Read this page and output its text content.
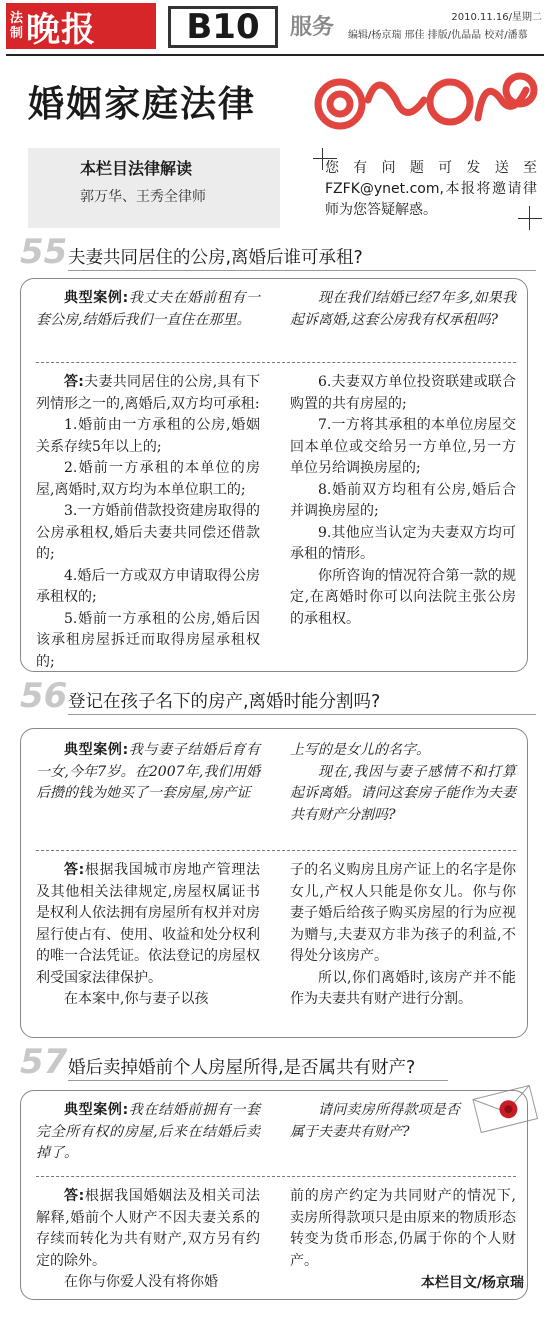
法制 晚报	B10	服务	2010.11.16/星期二
编辑/杨京瑞 邢佳 排版/仇晶晶 校对/潘慕
婚姻家庭法律
本栏目法律解读
郭万华、王秀全律师
您有问题可发送至FZFK@ynet.com,本报将邀请律师为您答疑解惑。
55 夫妻共同居住的公房,离婚后谁可承租?

典型案例:我丈夫在婚前租有一套公房,结婚后我们一直住在那里。

现在我们结婚已经7年多,如果我起诉离婚,这套公房我有权承租吗?

答:夫妻共同居住的公房,具有下列情形之一的,离婚后,双方均可承租:

1.婚前由一方承租的公房,婚姻关系存续5年以上的;

2.婚前一方承租的本单位的房屋,离婚时,双方均为本单位职工的;

3.一方婚前借款投资建房取得的公房承租权,婚后夫妻共同偿还借款的;

4.婚后一方或双方申请取得公房承租权的;

5.婚前一方承租的公房,婚后因该承租房屋拆迁而取得房屋承租权的;

6.夫妻双方单位投资联建或联合购置的共有房屋的;

7.一方将其承租的本单位房屋交回本单位或交给另一方单位,另一方单位另给调换房屋的;

8.婚前双方均租有公房,婚后合并调换房屋的;

9.其他应当认定为夫妻双方均可承租的情形。

你所咨询的情况符合第一款的规定,在离婚时你可以向法院主张公房的承租权。

56 登记在孩子名下的房产,离婚时能分割吗?

典型案例:我与妻子结婚后育有一女,今年7岁。在2007年,我们用婚后攒的钱为她买了一套房屋,房产证

上写的是女儿的名字。

现在,我因与妻子感情不和打算起诉离婚。请问这套房子能作为夫妻共有财产分割吗?

答:根据我国城市房地产管理法及其他相关法律规定,房屋权属证书是权利人依法拥有房屋所有权并对房屋行使占有、使用、收益和处分权利的唯一合法凭证。依法登记的房屋权利受国家法律保护。

在本案中,你与妻子以孩

子的名义购房且房产证上的名字是你女儿,产权人只能是你女儿。你与你妻子婚后给孩子购买房屋的行为应视为赠与,夫妻双方非为孩子的利益,不得处分该房产。

所以,你们离婚时,该房产并不能作为夫妻共有财产进行分割。

57 婚后卖掉婚前个人房屋所得,是否属共有财产?

典型案例:我在结婚前拥有一套完全所有权的房屋,后来在结婚后卖掉了。

请问卖房所得款项是否属于夫妻共有财产?

答:根据我国婚姻法及相关司法解释,婚前个人财产不因夫妻关系的存续而转化为共有财产,双方另有约定的除外。

在你与你爱人没有将你婚

前的房产约定为共同财产的情况下,卖房所得款项只是由原来的物质形态转变为货币形态,仍属于你的个人财产。

本栏目文/杨京瑞
